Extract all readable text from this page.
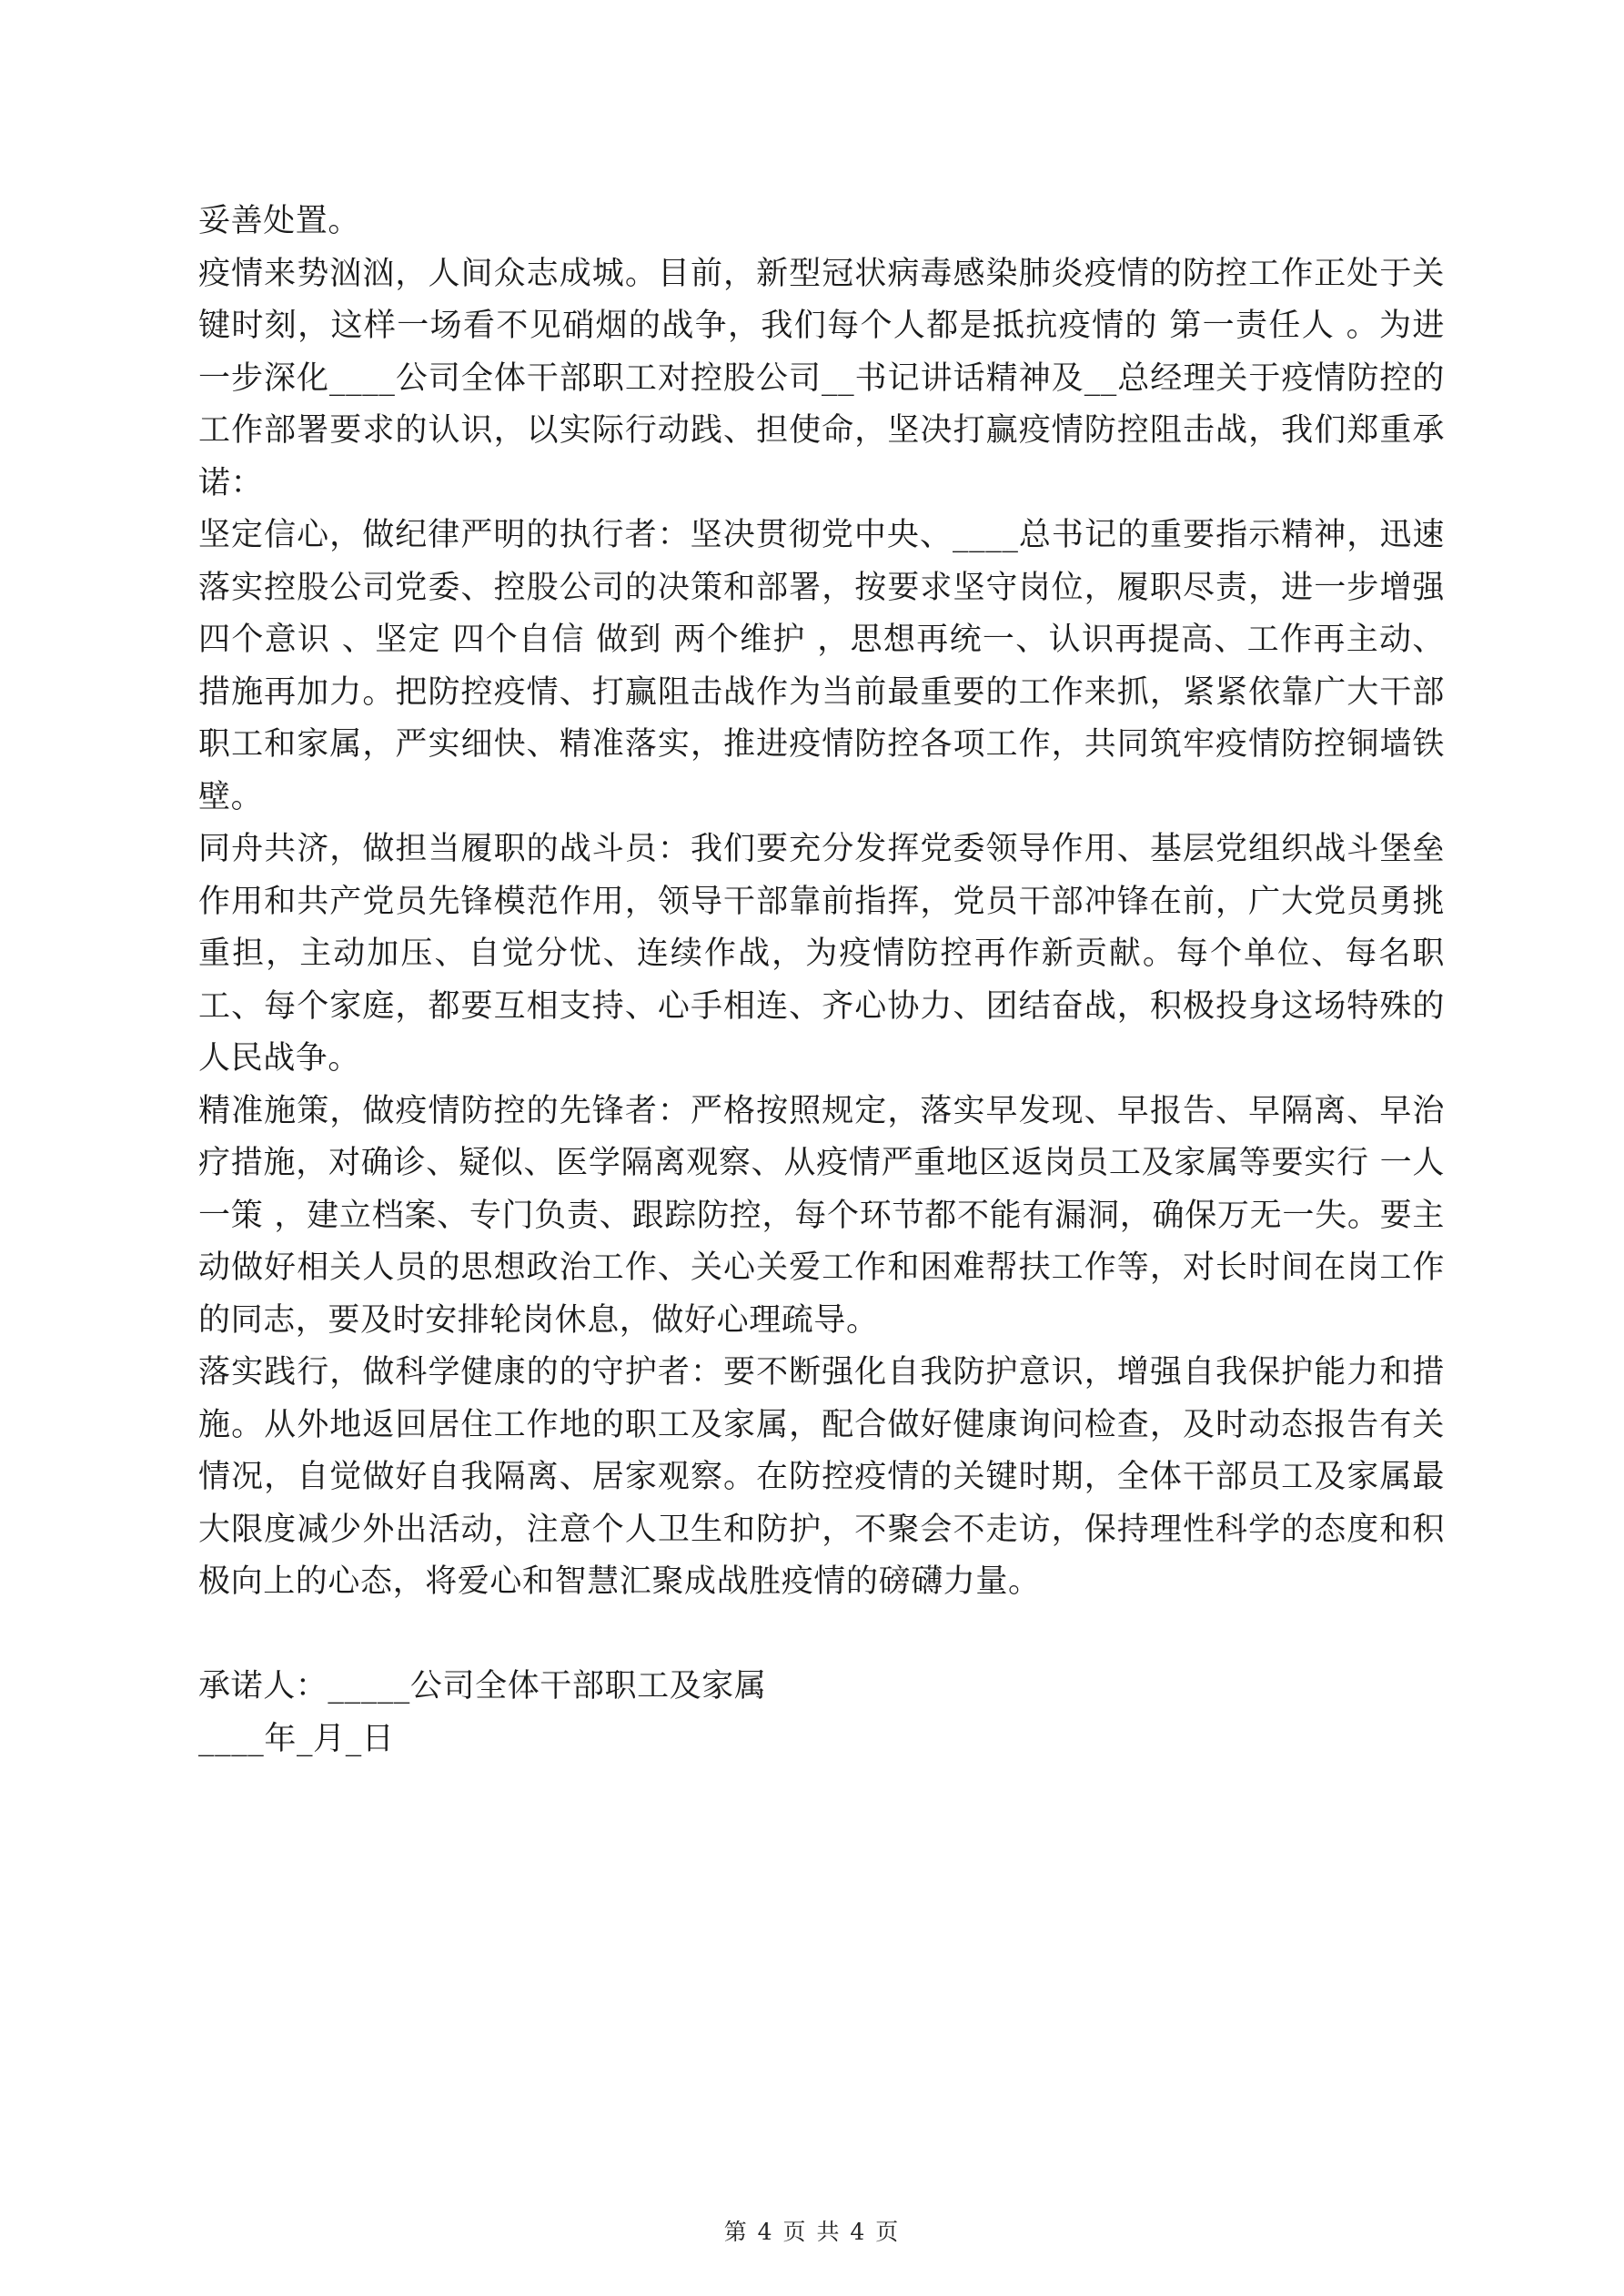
妥善处置。

疫情来势汹汹，人间众志成城。目前，新型冠状病毒感染肺炎疫情的防控工作正处于关键时刻，这样一场看不见硝烟的战争，我们每个人都是抵抗疫情的 第一责任人 。为进一步深化____公司全体干部职工对控股公司__书记讲话精神及__总经理关于疫情防控的工作部署要求的认识，以实际行动践、担使命，坚决打赢疫情防控阻击战，我们郑重承诺：

坚定信心，做纪律严明的执行者：坚决贯彻党中央、____总书记的重要指示精神，迅速落实控股公司党委、控股公司的决策和部署，按要求坚守岗位，履职尽责，进一步增强 四个意识 、坚定 四个自信 做到 两个维护 ，思想再统一、认识再提高、工作再主动、措施再加力。把防控疫情、打赢阻击战作为当前最重要的工作来抓，紧紧依靠广大干部职工和家属，严实细快、精准落实，推进疫情防控各项工作，共同筑牢疫情防控铜墙铁壁。

同舟共济，做担当履职的战斗员：我们要充分发挥党委领导作用、基层党组织战斗堡垒作用和共产党员先锋模范作用，领导干部靠前指挥，党员干部冲锋在前，广大党员勇挑重担，主动加压、自觉分忧、连续作战，为疫情防控再作新贡献。每个单位、每名职工、每个家庭，都要互相支持、心手相连、齐心协力、团结奋战，积极投身这场特殊的人民战争。

精准施策，做疫情防控的先锋者：严格按照规定，落实早发现、早报告、早隔离、早治疗措施，对确诊、疑似、医学隔离观察、从疫情严重地区返岗员工及家属等要实行 一人一策 ，建立档案、专门负责、跟踪防控，每个环节都不能有漏洞，确保万无一失。要主动做好相关人员的思想政治工作、关心关爱工作和困难帮扶工作等，对长时间在岗工作的同志，要及时安排轮岗休息，做好心理疏导。

落实践行，做科学健康的的守护者：要不断强化自我防护意识，增强自我保护能力和措施。从外地返回居住工作地的职工及家属，配合做好健康询问检查，及时动态报告有关情况，自觉做好自我隔离、居家观察。在防控疫情的关键时期，全体干部员工及家属最大限度减少外出活动，注意个人卫生和防护，不聚会不走访，保持理性科学的态度和积极向上的心态，将爱心和智慧汇聚成战胜疫情的磅礴力量。

承诺人：_____公司全体干部职工及家属

____年_月_日

第 4 页 共 4 页
